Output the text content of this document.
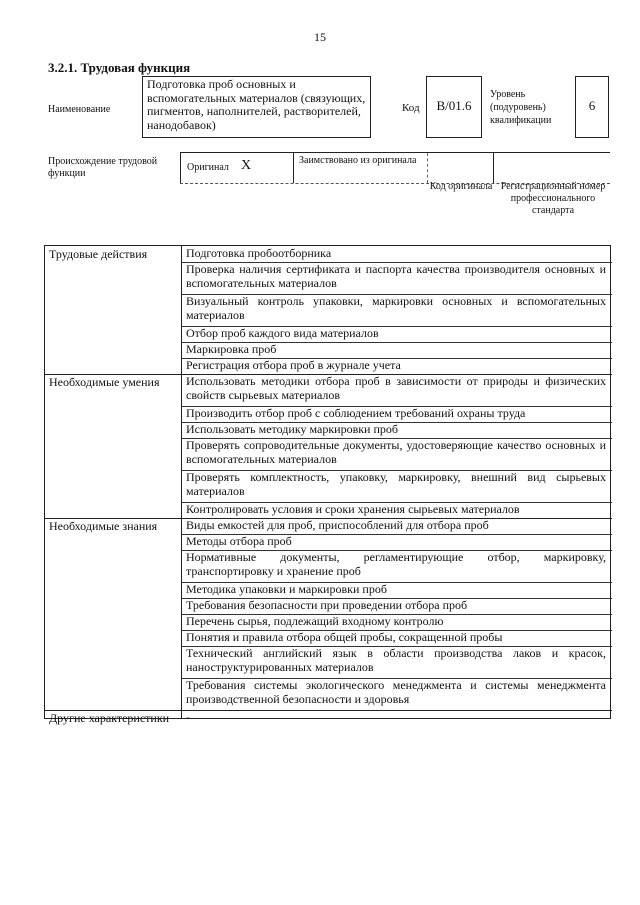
15
3.2.1. Трудовая функция
Наименование
Подготовка проб основных и вспомогательных материалов (связующих, пигментов, наполнителей, растворителей, нанодобавок)
Код	В/01.6
Уровень
(подуровень)
квалификации
6
Происхождение трудовой функции
Оригинал X	Заимствовано из оригинала
Код оригинала Регистрационный номер профессионального стандарта
Трудовые действия	Подготовка пробоотборника
Проверка наличия сертификата и паспорта качества производителя основных и вспомогательных материалов
Визуальный контроль упаковки, маркировки основных и вспомогательных материалов
Отбор проб каждого вида материалов
Маркировка проб
Регистрация отбора проб в журнале учета
Необходимые умения	Использовать методики отбора проб в зависимости от природы и физических свойств сырьевых материалов
Производить отбор проб с соблюдением требований охраны труда
Использовать методику маркировки проб
Проверять сопроводительные документы, удостоверяющие качество основных и вспомогательных материалов
Проверять комплектность, упаковку, маркировку, внешний вид сырьевых материалов
Контролировать условия и сроки хранения сырьевых материалов
Необходимые знания	Виды емкостей для проб, приспособлений для отбора проб
Методы отбора проб
Нормативные документы, регламентирующие отбор, маркировку, транспортировку и хранение проб
Методика упаковки и маркировки проб
Требования безопасности при проведении отбора проб
Перечень сырья, подлежащий входному контролю
Понятия и правила отбора общей пробы, сокращенной пробы
Технический английский язык в области производства лаков и красок, наноструктурированных материалов
Требования системы экологического менеджмента и системы менеджмента производственной безопасности и здоровья
Другие характеристики	-
